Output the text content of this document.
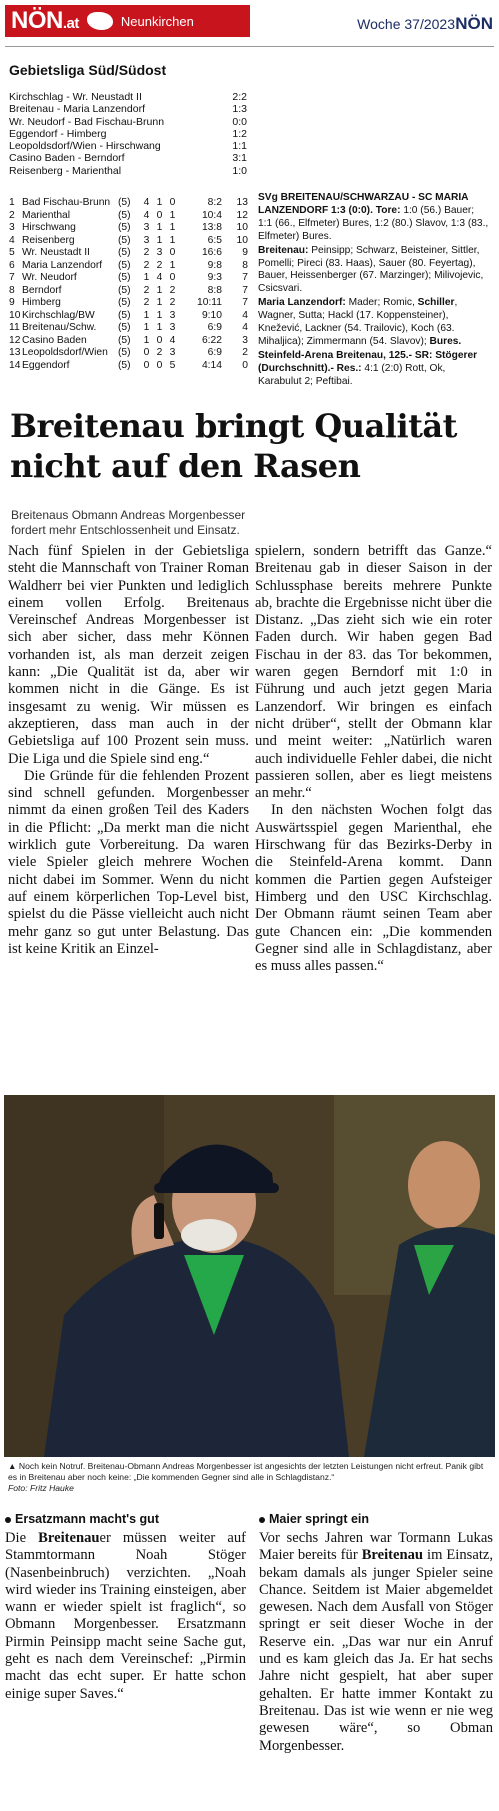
NÖN.at	Neunkirchen	Woche 37/2023 NÖN
Gebietsliga Süd/Südost
Kirchschlag - Wr. Neustadt II	2:2
Breitenau - Maria Lanzendorf	1:3
Wr. Neudorf - Bad Fischau-Brunn	0:0
Eggendorf - Himberg	1:2
Leopoldsdorf/Wien - Hirschwang	1:1
Casino Baden - Berndorf	3:1
Reisenberg - Marienthal	1:0
1 Bad Fischau-Brunn (5)	4 1 0	8:2	13
2 Marienthal	(5)	4 0 1	10:4	12
3 Hirschwang	(5)	3 1 1	13:8	10
4 Reisenberg	(5)	3 1 1	6:5	10
5 Wr. Neustadt II	(5)	2 3 0	16:6	9
6 Maria Lanzendorf	(5)	2 2 1	9:8	8
7 Wr. Neudorf	(5)	1 4 0	9:3	7
8 Berndorf	(5)	2 1 2	8:8	7
9 Himberg	(5)	2 1 2	10:11	7
10 Kirchschlag/BW	(5)	1 1 3	9:10	4
11 Breitenau/Schw.	(5)	1 1 3	6:9	4
12 Casino Baden	(5)	1 0 4	6:22	3
13 Leopoldsdorf/Wien (5)	0 2 3	6:9	2
14 Eggendorf	(5)	0 0 5	4:14	0

SVg BREITENAU/SCHWARZAU - SC MARIA LANZENDORF 1:3 (0:0). Tore: 1:0 (56.) Bauer; 1:1 (66., Elfmeter) Bures, 1:2 (80.) Slavov, 1:3 (83., Elfmeter) Bures.

Breitenau: Peinsipp; Schwarz, Beisteiner, Sittler, Pomelli; Pireci (83. Haas), Sauer (80. Feyertag), Bauer, Heissenberger (67. Marzinger); Milivojevic, Csicsvari.

Maria Lanzendorf: Mader; Romic, Schiller, Wagner, Sutta; Hackl (17. Koppensteiner), Knežević, Lackner (54. Trailovic), Koch (63. Mihaljica); Zimmermann (54. Slavov); Bures.

Steinfeld-Arena Breitenau, 125.- SR: Stögerer (Durchschnitt).- Res.: 4:1 (2:0) Rott, Ok, Karabulut 2; Peftibai.

Breitenau bringt Qualität
nicht auf den Rasen
Breitenaus Obmann Andreas Morgenbesser
fordert mehr Entschlossenheit und Einsatz.

Nach fünf Spielen in der Gebietsliga steht die Mannschaft von Trainer Roman Waldherr bei vier Punkten und lediglich einem vollen Erfolg. Breitenaus Vereinschef Andreas Morgenbesser ist sich aber sicher, dass mehr Können vorhanden ist, als man derzeit zeigen kann: „Die Qualität ist da, aber wir kommen nicht in die Gänge. Es ist insgesamt zu wenig. Wir müssen es akzeptieren, dass man auch in der Gebietsliga auf 100 Prozent sein muss. Die Liga und die Spiele sind eng.“

Die Gründe für die fehlenden Prozent sind schnell gefunden. Morgenbesser nimmt da einen großen Teil des Kaders in die Pflicht: „Da merkt man die nicht wirklich gute Vorbereitung. Da waren viele Spieler gleich mehrere Wochen nicht dabei im Sommer. Wenn du nicht auf einem körperlichen Top-Level bist, spielst du die Pässe vielleicht auch nicht mehr ganz so gut unter Belastung. Das ist keine Kritik an Einzel-

spielern, sondern betrifft das Ganze.“ Breitenau gab in dieser Saison in der Schlussphase bereits mehrere Punkte ab, brachte die Ergebnisse nicht über die Distanz. „Das zieht sich wie ein roter Faden durch. Wir haben gegen Bad Fischau in der 83. das Tor bekommen, waren gegen Berndorf mit 1:0 in Führung und auch jetzt gegen Maria Lanzendorf. Wir bringen es einfach nicht drüber“, stellt der Obmann klar und meint weiter: „Natürlich waren auch individuelle Fehler dabei, die nicht passieren sollen, aber es liegt meistens an mehr.“

In den nächsten Wochen folgt das Auswärtsspiel gegen Marienthal, ehe Hirschwang für das Bezirks-Derby in die Steinfeld-Arena kommt. Dann kommen die Partien gegen Aufsteiger Himberg und den USC Kirchschlag. Der Obmann räumt seinen Team aber gute Chancen ein: „Die kommenden Gegner sind alle in Schlagdistanz, aber es muss alles passen.“

▲ Noch kein Notruf. Breitenau-Obmann Andreas Morgenbesser ist angesichts der letzten Leistungen nicht erfreut. Panik gibt es in Breitenau aber noch keine: „Die kommenden Gegner sind alle in Schlagdistanz.“
Foto: Fritz Hauke
Ersatzmann macht's gut
Die Breitenauer müssen weiter auf Stammtormann Noah Stöger (Nasenbeinbruch) verzichten. „Noah wird wieder ins Training einsteigen, aber wann er wieder spielt ist fraglich“, so Obmann Morgenbesser. Ersatzmann Pirmin Peinsipp macht seine Sache gut, geht es nach dem Vereinschef: „Pirmin macht das echt super. Er hatte schon einige super Saves.“
Maier springt ein
Vor sechs Jahren war Tormann Lukas Maier bereits für Breitenau im Einsatz, bekam damals als junger Spieler seine Chance. Seitdem ist Maier abgemeldet gewesen. Nach dem Ausfall von Stöger springt er seit dieser Woche in der Reserve ein. „Das war nur ein Anruf und es kam gleich das Ja. Er hat sechs Jahre nicht gespielt, hat aber super gehalten. Er hatte immer Kontakt zu Breitenau. Das ist wie wenn er nie weg gewesen wäre“, so Obman Morgenbesser.
